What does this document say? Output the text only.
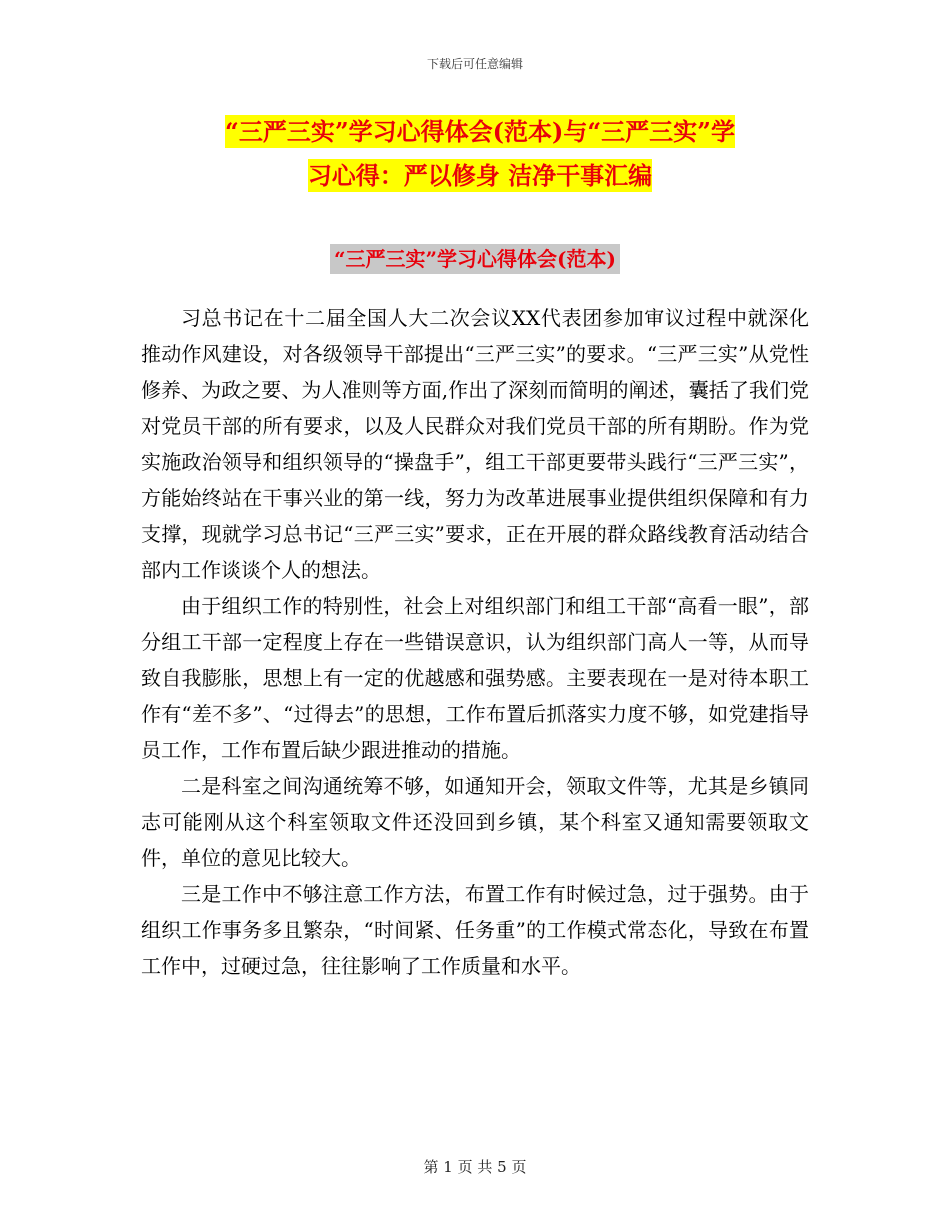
下载后可任意编辑
“三严三实”学习心得体会(范本)与“三严三实”学
习心得：严以修身 洁净干事汇编
“三严三实”学习心得体会(范本)

习总书记在十二届全国人大二次会议XX代表团参加审议过程中就深化推动作风建设，对各级领导干部提出“三严三实”的要求。“三严三实”从党性修养、为政之要、为人准则等方面,作出了深刻而简明的阐述，囊括了我们党对党员干部的所有要求，以及人民群众对我们党员干部的所有期盼。作为党实施政治领导和组织领导的“操盘手”，组工干部更要带头践行“三严三实”，方能始终站在干事兴业的第一线，努力为改革进展事业提供组织保障和有力支撑，现就学习总书记“三严三实”要求，正在开展的群众路线教育活动结合部内工作谈谈个人的想法。

由于组织工作的特别性，社会上对组织部门和组工干部“高看一眼”，部分组工干部一定程度上存在一些错误意识，认为组织部门高人一等，从而导致自我膨胀，思想上有一定的优越感和强势感。主要表现在一是对待本职工作有“差不多”、“过得去”的思想，工作布置后抓落实力度不够，如党建指导员工作，工作布置后缺少跟进推动的措施。

二是科室之间沟通统筹不够，如通知开会，领取文件等，尤其是乡镇同志可能刚从这个科室领取文件还没回到乡镇，某个科室又通知需要领取文件，单位的意见比较大。

三是工作中不够注意工作方法，布置工作有时候过急，过于强势。由于组织工作事务多且繁杂，“时间紧、任务重”的工作模式常态化，导致在布置工作中，过硬过急，往往影响了工作质量和水平。

第 1 页 共 5 页
